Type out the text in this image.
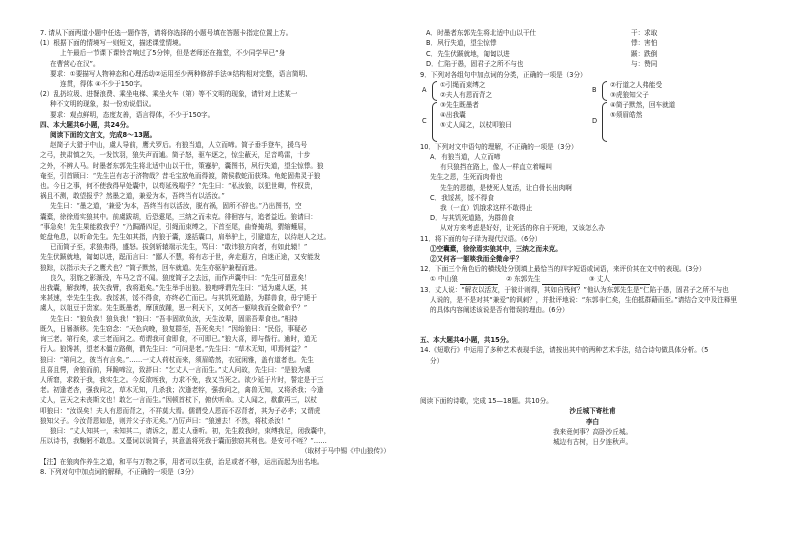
7. 请从下面两道小题中任选一题作答，请将你选择的小题号填在答题卡指定位置上方。

(1）根据下面的情境写一则短文，描述课堂情境。

上午最后一节课下课铃音响过了5分钟，但是老师还在拖堂，不少同学早已“身

在曹营心在汉”。

要求：①要描写人物神态和心理活动②运用至少两种修辞手法③结构相对完整，语言简明、

连贯，得体 ④不少于150字。

(2）乱扔垃圾、进餐浪费、乘坐电梯、乘坐火车（第）等不文明的现象，请针对上述某一

种不文明的现象，拟一份劝说倡议。

要求：观点鲜明，态度友善，语言得体，不少于150字。

四、本大题共6小题，共24分。

阅读下面的文言文，完成8～13题。

赵简子大猎于中山，虞人导前，鹰犬罗后。有狼当道，人立而啼。简子垂手登车，援乌号

之弓，挟肃慎之矢，一发饮羽，狼失声而逋。简子怒，驱车逐之，惊尘蔽天，足音鸣雷，十步

之外，不辨人马。时墨者东郭先生将北适中山以干仕，策蹇驴，囊图书，夙行失道，望尘惊悸。狼

奄至，引首顾曰：“先生岂有志于济物哉？昔毛宝放龟而得渡，隋侯救蛇而获珠。龟蛇固弗灵于狼

也。今日之事，何不使我得早处囊中，以苟延残喘乎？”先生曰：“私汝狼，以犯世卿，忤权贵，

祸且不测，敢望报乎？然墨之道，兼爱为本，吾终当有以活汝。”

先生曰：“墨之道，‘兼爱’为本，吾终当有以活汝，脱有祸，固所不辞也。”乃出图书，空

囊橐，徐徐焉实狼其中。前虞跋胡，后恐疐尾，三纳之而未克。徘徊容与，追者益近。狼请曰：

“事急矣！先生果能救我乎？”乃跼蹐四足，引绳而束缚之，下首至尾，曲脊掩胡，猬缩蠖屈，

蛇盘龟息，以听命先生。先生如其指，内狼于囊，遂括囊口，肩举驴上，引避道左，以待赵人之过。

已而简子至，求狼弗得，盛怒。拔剑斩辕端示先生，骂曰：“敢讳狼方向者，有如此辕！”

先生伏踬就地，匍匐以进，跽而言曰：“鄙人不慧，将有志于世，奔走遐方，自迷正途，又安能发

狼踪，以指示夫子之鹰犬也？”简子默然，回车就道。先生亦驱驴兼程而进。

良久，羽旄之影渐没，车马之音不闻。狼度简子之去远，而作声囊中曰：“先生可留意矣！

出我囊，解我缚，拔矢我臂，我将逝矣。”先生举手出狼。狼咆哮谓先生曰：“适为虞人逐，其

来甚速，幸先生生我。我馁甚，馁不得食，亦终必亡而已。与其饥死道路，为群兽食，毋宁毙于

虞人，以俎豆于贵家。先生既墨者，摩顶放踵，思一利天下，又何吝一躯啖我而全微命乎？”

先生曰：“狼负我！狼负我！”狼曰：“吾非固欲负汝，天生汝辈，固需吾辈食也。”相持

既久，日晷渐移。先生窃念：“天色向晚，狼复群至，吾死矣夫！”因绐狼曰：“民俗，事疑必

询三老。第行矣，求三老而问之。苟谓我可食即食，不可即已。”狼大喜，即与偕行。逾时，道无

行人。狼馋甚，望老木僵立路侧，谓先生曰：“可问是老。”先生曰：“草木无知，叩焉何益？”

狼曰：“第问之，彼当有言矣。”……一丈人荷杖而来，须眉皓然，衣冠闲雅，盖有道者也。先生

且喜且愕，舍狼而前，拜跪啼泣，致辞曰：“乞丈人一言而生。”丈人问故，先生曰：“是狼为虞

人所窘，求救于我，我实生之。今反欲咥我，力求不免，我又当死之。欲少延于片时，誓定是于三

老。初逢老杏，强我问之，草木无知，几杀我；次逢老牸，强我问之，禽兽无知，又将杀我；今逢

丈人，岂天之未丧斯文也！敢乞一言而生。”因顿首杖下，俯伏听命。丈人闻之，欷歔再三，以杖

叩狼曰：“汝误矣！夫人有恩而背之，不祥莫大焉。儒谓受人恩而不忍背者，其为子必孝；又谓虎

狼知父子。今汝背恩如是，则并父子亦无矣。”乃厉声曰：“狼速去！不然，将杖杀汝！”

狼曰：“丈人知其一，未知其二，请诉之，愿丈人垂听。初，先生救我时，束缚我足，闭我囊中，

压以诗书，我鞠躬不敢息。又蔓词以说简子，其意盖将死我于囊而独窃其利也。是安可不咥？”……

（取材于马中锡《中山狼传》）

【注】在狼肉作养生之道，和平与万物之事，用者可以生获，治足或者不够，运出而起为出名地。

8. 下列对句中加点词的解释，不正确的一项是（3分）

A．时墨者东郭先生将北适中山以干仕	干：求取
B．夙行失道，望尘惊悸	悸：害怕
C．先生伏踬就地，匍匐以进	踬：跌倒
D．仁陷于愚，固君子之所不与也	与：赞同

9．下列对各组句中加点词的分类，正确的一项是（3分）

A
①引绳而束缚之
②夫人有恩而背之
C
③先生既墨者
④出我囊
⑤丈人闻之，以杖叩狼曰
B
②行道之人弗能受
③虎狼知父子
D
④简子默然，回车就道
⑤须眉皓然

10．下列对文中语句的理解，不正确的一项是（3分）

A．有狼当道，人立而啼

有只狼挡在路上，像人一样直立着嚎叫

先生之恩，生死而肉骨也

先生的恩德，是使死人复活，让白骨长出肉啊

C．我馁甚，馁不得食

我（一直）饥饿求这样不敢得止

D．与其饥死道路，为群兽食

从对方来考虑是好好，让死活的你自于死地，又该怎么办

11．将下面的句子译为现代汉语。（6分）

①空囊橐，徐徐焉实狼其中，三纳之而未克。

②又何吝一躯啖我而全微命乎？

12．下面三个角色后的横线处分别填上最恰当的四字短语或词语，来评价其在文中的表现。(3分）

① 中山狼	② 东郭先生	③ 丈人

13．丈人说：“解衣以活友，于彼计则得，其如自残何？”他认为东郭先生是“仁陷于愚，固君子之所不与也

人说的，是不是对其“兼爱”的讽刺？，并批评地说：“东郭非仁矣，生伯抵群藉而至。”请结合文中及注释里

的具体内容阐述该说是否有错误的理由。(6分）

五、本大题共4小题，共15分。

14.《短歌行》中运用了多种艺术表现手法，请按出其中的两种艺术手法，结合诗句做具体分析。（5

分）

阅读下面的诗歌，完成 15—18题。共10分。

沙丘城下寄杜甫

李白

我来竟何事？高卧沙丘城。

城边有古树，日夕连秋声。
